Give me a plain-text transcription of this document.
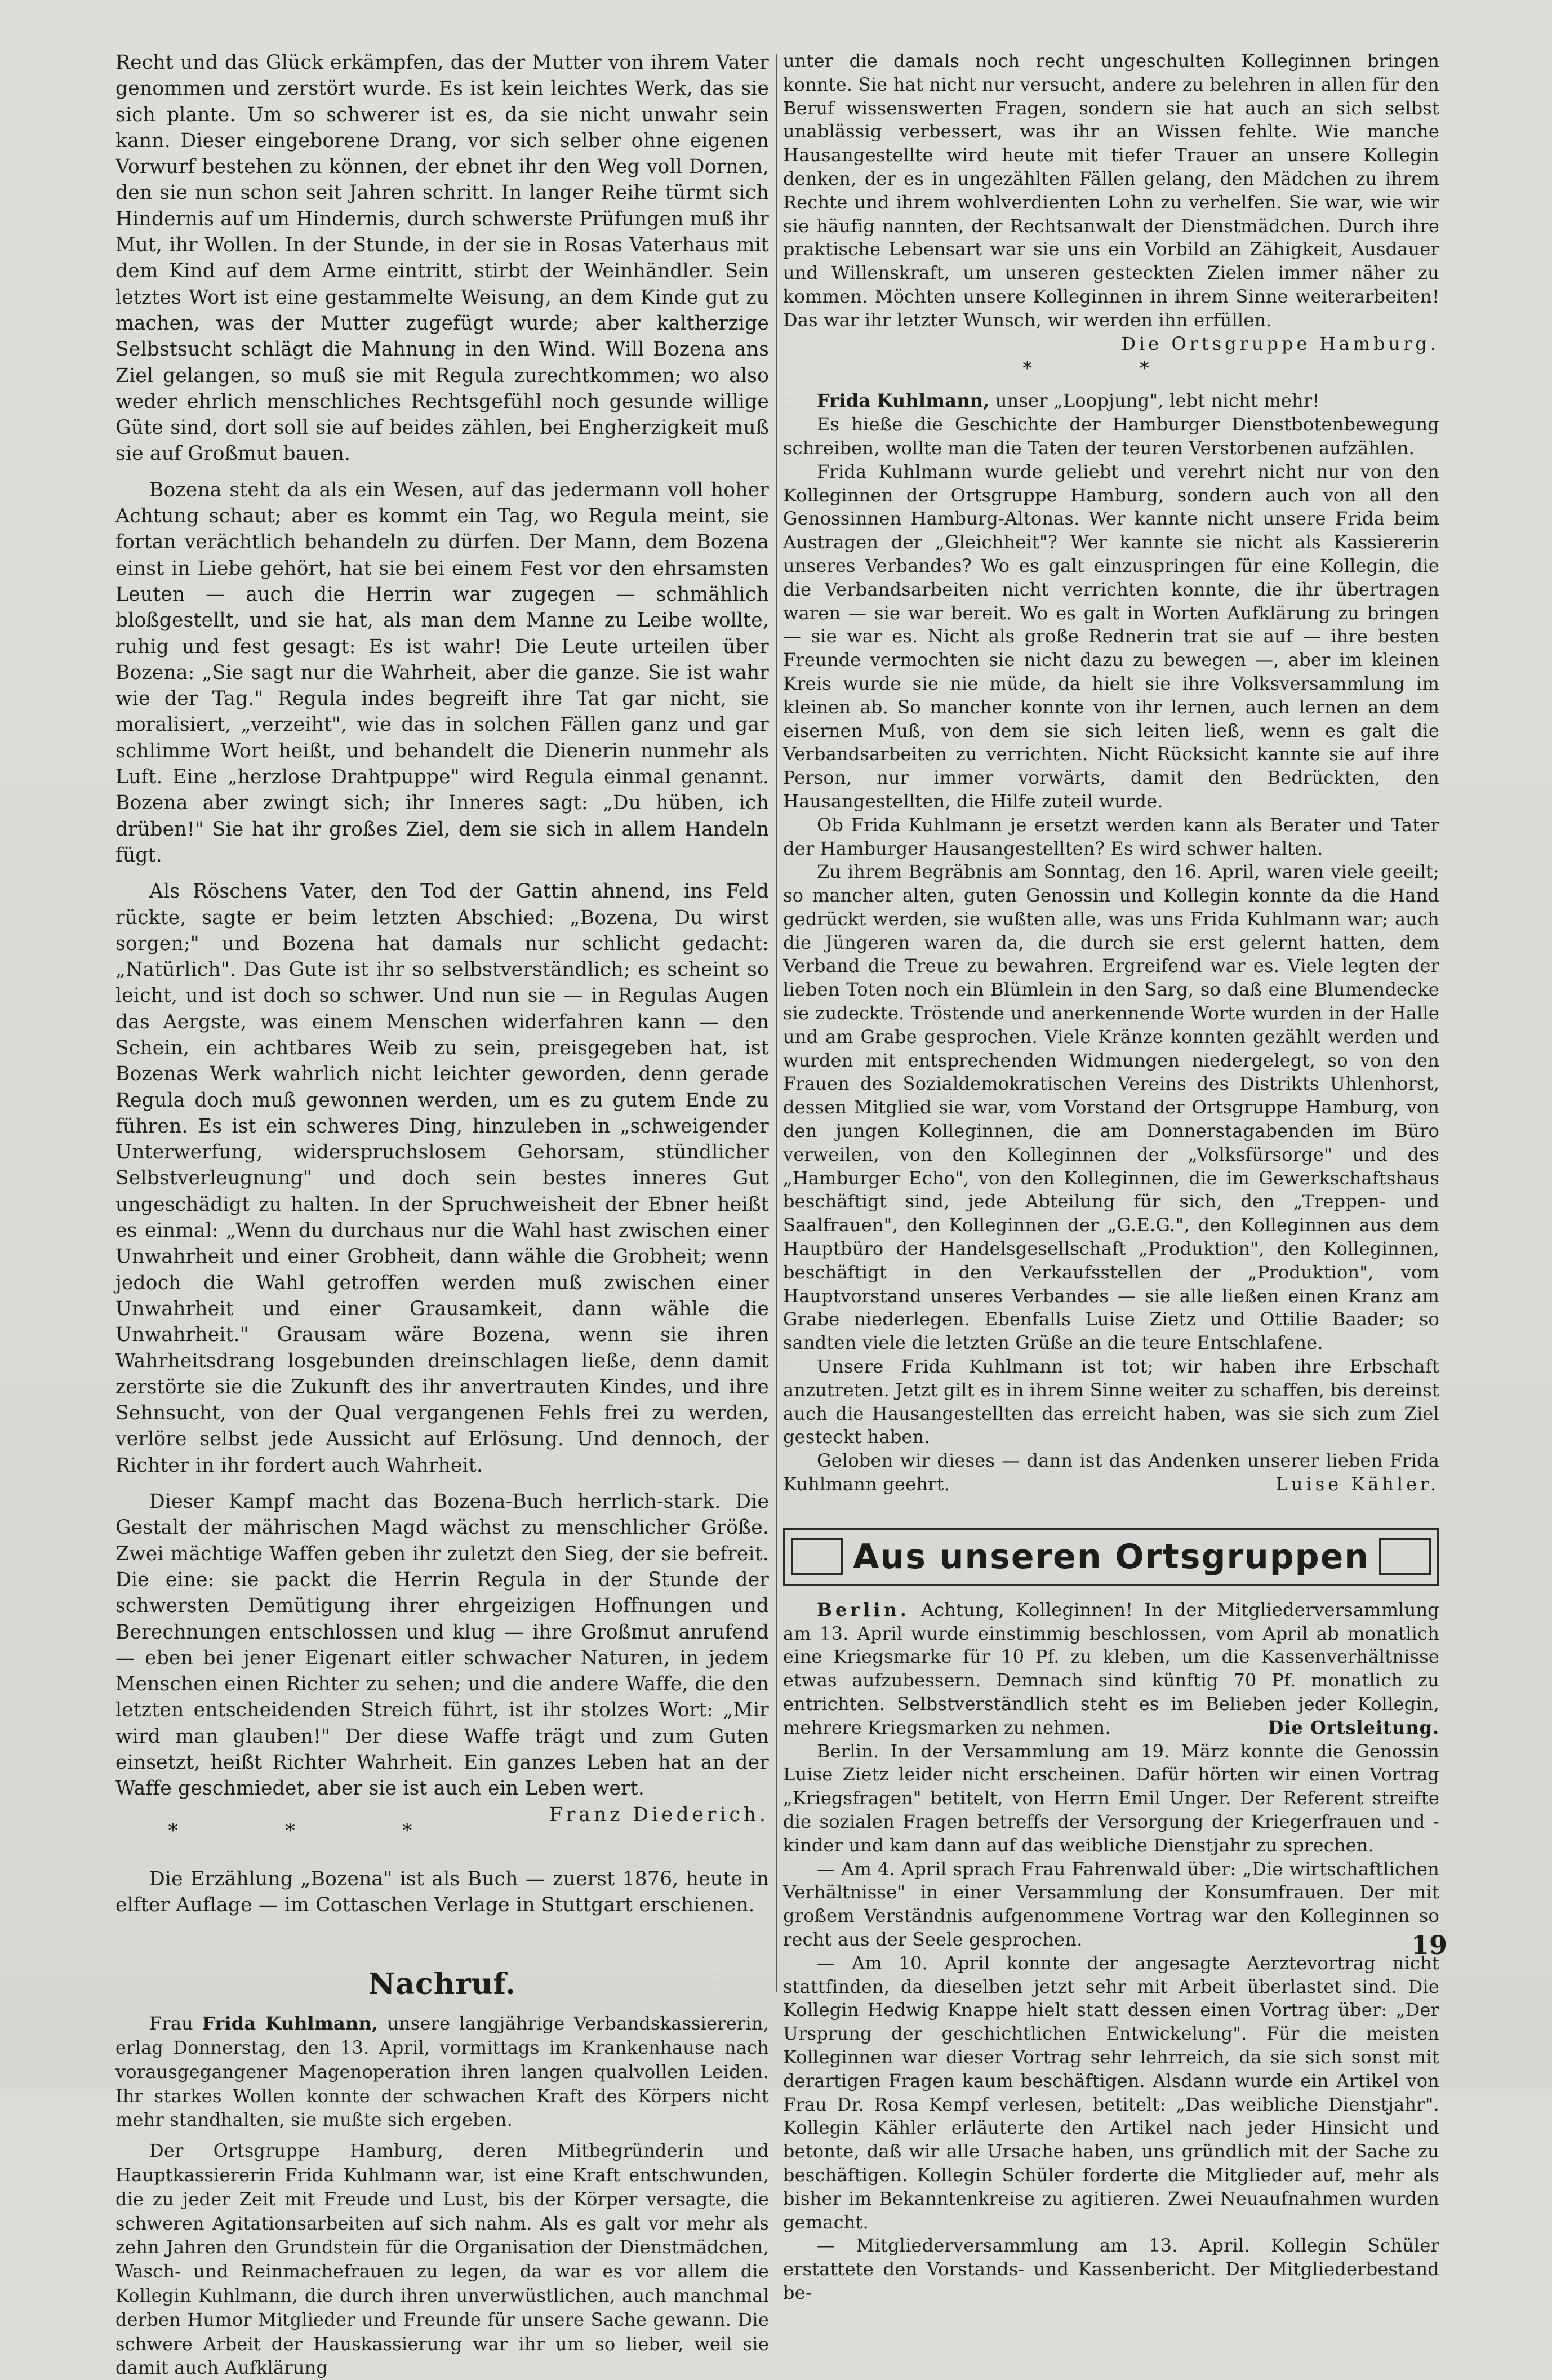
Recht und das Glück erkämpfen, das der Mutter von ihrem Vater genommen und zerstört wurde. Es ist kein leichtes Werk, das sie sich plante. Um so schwerer ist es, da sie nicht unwahr sein kann. Dieser eingeborene Drang, vor sich selber ohne eigenen Vorwurf bestehen zu können, der ebnet ihr den Weg voll Dornen, den sie nun schon seit Jahren schritt. In langer Reihe türmt sich Hindernis auf um Hindernis, durch schwerste Prüfungen muß ihr Mut, ihr Wollen. In der Stunde, in der sie in Rosas Vaterhaus mit dem Kind auf dem Arme eintritt, stirbt der Weinhändler. Sein letztes Wort ist eine gestammelte Weisung, an dem Kinde gut zu machen, was der Mutter zugefügt wurde; aber kaltherzige Selbstsucht schlägt die Mahnung in den Wind. Will Bozena ans Ziel gelangen, so muß sie mit Regula zurechtkommen; wo also weder ehrlich menschliches Rechtsgefühl noch gesunde willige Güte sind, dort soll sie auf beides zählen, bei Engherzigkeit muß sie auf Großmut bauen.

Bozena steht da als ein Wesen, auf das jedermann voll hoher Achtung schaut; aber es kommt ein Tag, wo Regula meint, sie fortan verächtlich behandeln zu dürfen. Der Mann, dem Bozena einst in Liebe gehört, hat sie bei einem Fest vor den ehrsamsten Leuten — auch die Herrin war zugegen — schmählich bloßgestellt, und sie hat, als man dem Manne zu Leibe wollte, ruhig und fest gesagt: Es ist wahr! Die Leute urteilen über Bozena: „Sie sagt nur die Wahrheit, aber die ganze. Sie ist wahr wie der Tag." Regula indes begreift ihre Tat gar nicht, sie moralisiert, „verzeiht", wie das in solchen Fällen ganz und gar schlimme Wort heißt, und behandelt die Dienerin nunmehr als Luft. Eine „herzlose Drahtpuppe" wird Regula einmal genannt. Bozena aber zwingt sich; ihr Inneres sagt: „Du hüben, ich drüben!" Sie hat ihr großes Ziel, dem sie sich in allem Handeln fügt.

Als Röschens Vater, den Tod der Gattin ahnend, ins Feld rückte, sagte er beim letzten Abschied: „Bozena, Du wirst sorgen;" und Bozena hat damals nur schlicht gedacht: „Natürlich". Das Gute ist ihr so selbstverständlich; es scheint so leicht, und ist doch so schwer. Und nun sie — in Regulas Augen das Aergste, was einem Menschen widerfahren kann — den Schein, ein achtbares Weib zu sein, preisgegeben hat, ist Bozenas Werk wahrlich nicht leichter geworden, denn gerade Regula doch muß gewonnen werden, um es zu gutem Ende zu führen. Es ist ein schweres Ding, hinzuleben in „schweigender Unterwerfung, widerspruchslosem Gehorsam, stündlicher Selbstverleugnung" und doch sein bestes inneres Gut ungeschädigt zu halten. In der Spruchweisheit der Ebner heißt es einmal: „Wenn du durchaus nur die Wahl hast zwischen einer Unwahrheit und einer Grobheit, dann wähle die Grobheit; wenn jedoch die Wahl getroffen werden muß zwischen einer Unwahrheit und einer Grausamkeit, dann wähle die Unwahrheit." Grausam wäre Bozena, wenn sie ihren Wahrheitsdrang losgebunden dreinschlagen ließe, denn damit zerstörte sie die Zukunft des ihr anvertrauten Kindes, und ihre Sehnsucht, von der Qual vergangenen Fehls frei zu werden, verlöre selbst jede Aussicht auf Erlösung. Und dennoch, der Richter in ihr fordert auch Wahrheit.

Dieser Kampf macht das Bozena-Buch herrlich-stark. Die Gestalt der mährischen Magd wächst zu menschlicher Größe. Zwei mächtige Waffen geben ihr zuletzt den Sieg, der sie befreit. Die eine: sie packt die Herrin Regula in der Stunde der schwersten Demütigung ihrer ehrgeizigen Hoffnungen und Berechnungen entschlossen und klug — ihre Großmut anrufend — eben bei jener Eigenart eitler schwacher Naturen, in jedem Menschen einen Richter zu sehen; und die andere Waffe, die den letzten entscheidenden Streich führt, ist ihr stolzes Wort: „Mir wird man glauben!" Der diese Waffe trägt und zum Guten einsetzt, heißt Richter Wahrheit. Ein ganzes Leben hat an der Waffe geschmiedet, aber sie ist auch ein Leben wert.
Franz Diederich.

* * *

Die Erzählung „Bozena" ist als Buch — zuerst 1876, heute in elfter Auflage — im Cottaschen Verlage in Stuttgart erschienen.

Nachruf.

Frau Frida Kuhlmann, unsere langjährige Verbandskassiererin, erlag Donnerstag, den 13. April, vormittags im Krankenhause nach vorausgegangener Magenoperation ihren langen qualvollen Leiden. Ihr starkes Wollen konnte der schwachen Kraft des Körpers nicht mehr standhalten, sie mußte sich ergeben.

Der Ortsgruppe Hamburg, deren Mitbegründerin und Hauptkassiererin Frida Kuhlmann war, ist eine Kraft entschwunden, die zu jeder Zeit mit Freude und Lust, bis der Körper versagte, die schweren Agitationsarbeiten auf sich nahm. Als es galt vor mehr als zehn Jahren den Grundstein für die Organisation der Dienstmädchen, Wasch- und Reinmachefrauen zu legen, da war es vor allem die Kollegin Kuhlmann, die durch ihren unverwüstlichen, auch manchmal derben Humor Mitglieder und Freunde für unsere Sache gewann. Die schwere Arbeit der Hauskassierung war ihr um so lieber, weil sie damit auch Aufklärung

unter die damals noch recht ungeschulten Kolleginnen bringen konnte. Sie hat nicht nur versucht, andere zu belehren in allen für den Beruf wissenswerten Fragen, sondern sie hat auch an sich selbst unablässig verbessert, was ihr an Wissen fehlte. Wie manche Hausangestellte wird heute mit tiefer Trauer an unsere Kollegin denken, der es in ungezählten Fällen gelang, den Mädchen zu ihrem Rechte und ihrem wohlverdienten Lohn zu verhelfen. Sie war, wie wir sie häufig nannten, der Rechtsanwalt der Dienstmädchen. Durch ihre praktische Lebensart war sie uns ein Vorbild an Zähigkeit, Ausdauer und Willenskraft, um unseren gesteckten Zielen immer näher zu kommen. Möchten unsere Kolleginnen in ihrem Sinne weiterarbeiten! Das war ihr letzter Wunsch, wir werden ihn erfüllen.
Die Ortsgruppe Hamburg.

* *

Frida Kuhlmann, unser „Loopjung", lebt nicht mehr!

Es hieße die Geschichte der Hamburger Dienstbotenbewegung schreiben, wollte man die Taten der teuren Verstorbenen aufzählen.

Frida Kuhlmann wurde geliebt und verehrt nicht nur von den Kolleginnen der Ortsgruppe Hamburg, sondern auch von all den Genossinnen Hamburg-Altonas. Wer kannte nicht unsere Frida beim Austragen der „Gleichheit"? Wer kannte sie nicht als Kassiererin unseres Verbandes? Wo es galt einzuspringen für eine Kollegin, die die Verbandsarbeiten nicht verrichten konnte, die ihr übertragen waren — sie war bereit. Wo es galt in Worten Aufklärung zu bringen — sie war es. Nicht als große Rednerin trat sie auf — ihre besten Freunde vermochten sie nicht dazu zu bewegen —, aber im kleinen Kreis wurde sie nie müde, da hielt sie ihre Volksversammlung im kleinen ab. So mancher konnte von ihr lernen, auch lernen an dem eisernen Muß, von dem sie sich leiten ließ, wenn es galt die Verbandsarbeiten zu verrichten. Nicht Rücksicht kannte sie auf ihre Person, nur immer vorwärts, damit den Bedrückten, den Hausangestellten, die Hilfe zuteil wurde.

Ob Frida Kuhlmann je ersetzt werden kann als Berater und Tater der Hamburger Hausangestellten? Es wird schwer halten.

Zu ihrem Begräbnis am Sonntag, den 16. April, waren viele geeilt; so mancher alten, guten Genossin und Kollegin konnte da die Hand gedrückt werden, sie wußten alle, was uns Frida Kuhlmann war; auch die Jüngeren waren da, die durch sie erst gelernt hatten, dem Verband die Treue zu bewahren. Ergreifend war es. Viele legten der lieben Toten noch ein Blümlein in den Sarg, so daß eine Blumendecke sie zudeckte. Tröstende und anerkennende Worte wurden in der Halle und am Grabe gesprochen. Viele Kränze konnten gezählt werden und wurden mit entsprechenden Widmungen niedergelegt, so von den Frauen des Sozialdemokratischen Vereins des Distrikts Uhlenhorst, dessen Mitglied sie war, vom Vorstand der Ortsgruppe Hamburg, von den jungen Kolleginnen, die am Donnerstagabenden im Büro verweilen, von den Kolleginnen der „Volksfürsorge" und des „Hamburger Echo", von den Kolleginnen, die im Gewerkschaftshaus beschäftigt sind, jede Abteilung für sich, den „Treppen- und Saalfrauen", den Kolleginnen der „G.E.G.", den Kolleginnen aus dem Hauptbüro der Handelsgesellschaft „Produktion", den Kolleginnen, beschäftigt in den Verkaufsstellen der „Produktion", vom Hauptvorstand unseres Verbandes — sie alle ließen einen Kranz am Grabe niederlegen. Ebenfalls Luise Zietz und Ottilie Baader; so sandten viele die letzten Grüße an die teure Entschlafene.

Unsere Frida Kuhlmann ist tot; wir haben ihre Erbschaft anzutreten. Jetzt gilt es in ihrem Sinne weiter zu schaffen, bis dereinst auch die Hausangestellten das erreicht haben, was sie sich zum Ziel gesteckt haben.

Geloben wir dieses — dann ist das Andenken unserer lieben Frida Kuhlmann geehrt.	Luise Kähler.

Aus unseren Ortsgruppen

Berlin. Achtung, Kolleginnen! In der Mitgliederversammlung am 13. April wurde einstimmig beschlossen, vom April ab monatlich eine Kriegsmarke für 10 Pf. zu kleben, um die Kassenverhältnisse etwas aufzubessern. Demnach sind künftig 70 Pf. monatlich zu entrichten. Selbstverständlich steht es im Belieben jeder Kollegin, mehrere Kriegsmarken zu nehmen.	Die Ortsleitung.

Berlin. In der Versammlung am 19. März konnte die Genossin Luise Zietz leider nicht erscheinen. Dafür hörten wir einen Vortrag „Kriegsfragen" betitelt, von Herrn Emil Unger. Der Referent streifte die sozialen Fragen betreffs der Versorgung der Kriegerfrauen und -kinder und kam dann auf das weibliche Dienstjahr zu sprechen.

— Am 4. April sprach Frau Fahrenwald über: „Die wirtschaftlichen Verhältnisse" in einer Versammlung der Konsumfrauen. Der mit großem Verständnis aufgenommene Vortrag war den Kolleginnen so recht aus der Seele gesprochen.

— Am 10. April konnte der angesagte Aerztevortrag nicht stattfinden, da dieselben jetzt sehr mit Arbeit überlastet sind. Die Kollegin Hedwig Knappe hielt statt dessen einen Vortrag über: „Der Ursprung der geschichtlichen Entwickelung". Für die meisten Kolleginnen war dieser Vortrag sehr lehrreich, da sie sich sonst mit derartigen Fragen kaum beschäftigen. Alsdann wurde ein Artikel von Frau Dr. Rosa Kempf verlesen, betitelt: „Das weibliche Dienstjahr". Kollegin Kähler erläuterte den Artikel nach jeder Hinsicht und betonte, daß wir alle Ursache haben, uns gründlich mit der Sache zu beschäftigen. Kollegin Schüler forderte die Mitglieder auf, mehr als bisher im Bekanntenkreise zu agitieren. Zwei Neuaufnahmen wurden gemacht.

— Mitgliederversammlung am 13. April. Kollegin Schüler erstattete den Vorstands- und Kassenbericht. Der Mitgliederbestand be-

19
